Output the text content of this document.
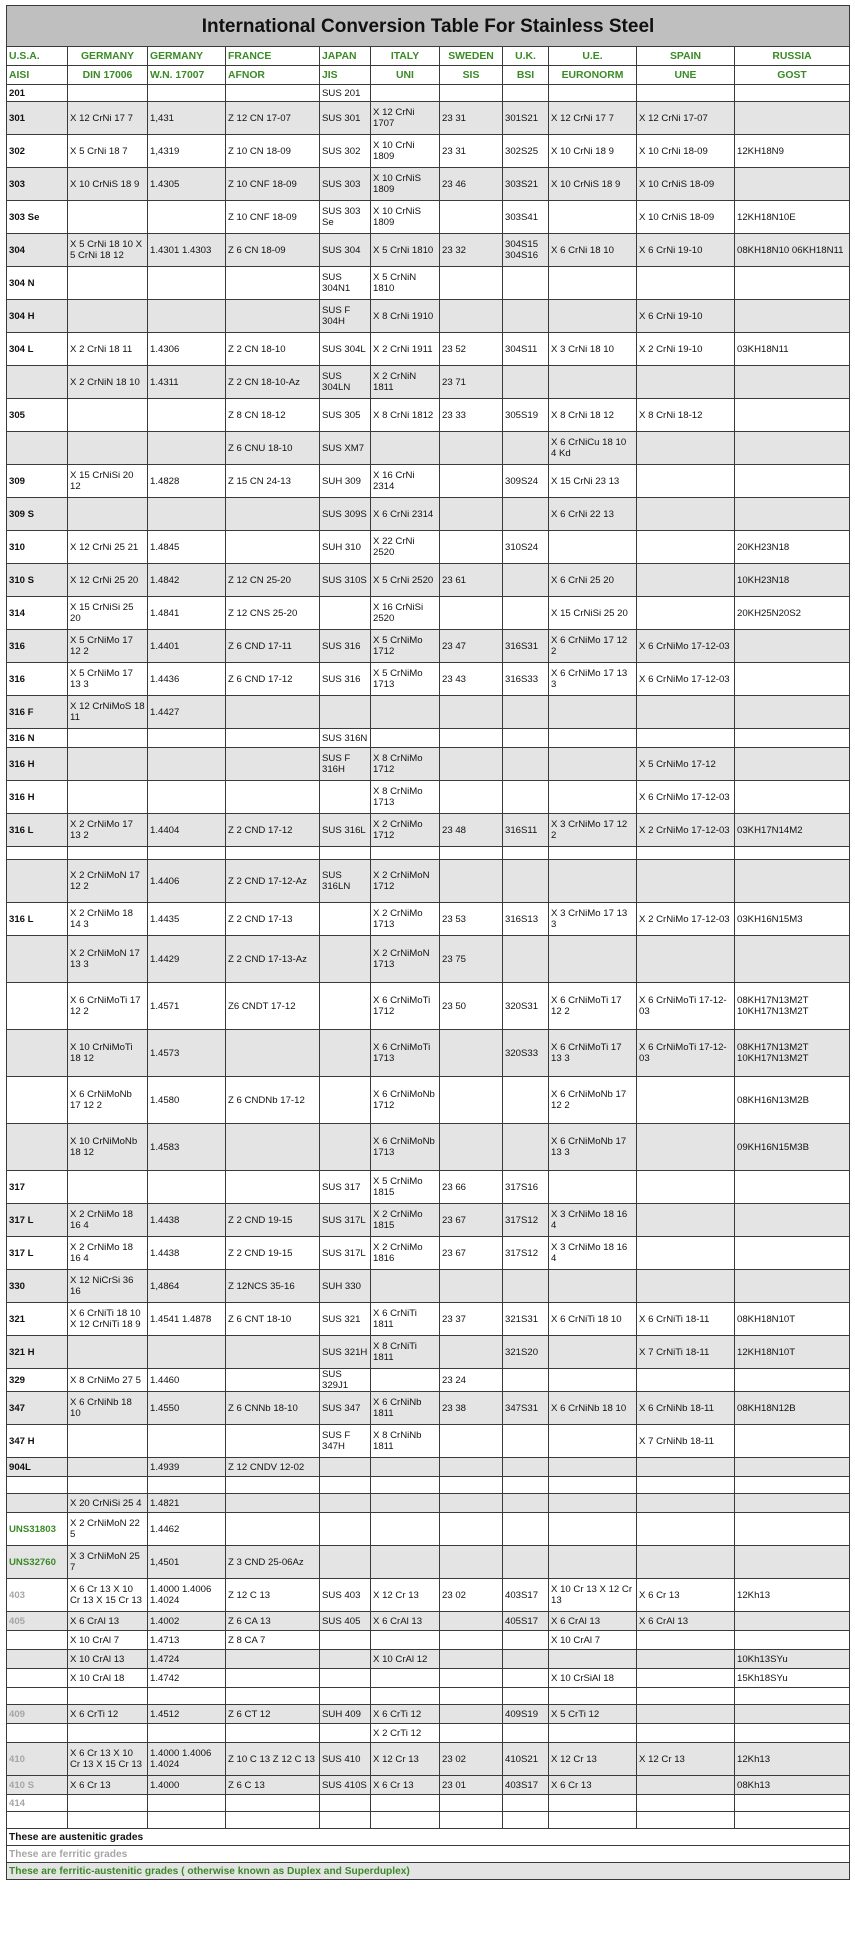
International Conversion Table For Stainless Steel										
U.S.A.	GERMANY	GERMANY	FRANCE	JAPAN	ITALY	SWEDEN	U.K.	U.E.	SPAIN	RUSSIA
AISI	DIN 17006	W.N. 17007	AFNOR	JIS	UNI	SIS	BSI	EURONORM	UNE	GOST
201				SUS 201						
301	X 12 CrNi 17 7	1,431	Z 12 CN 17-07	SUS 301	X 12 CrNi 1707	23 31	301S21	X 12 CrNi 17 7	X 12 CrNi 17-07	
302	X 5 CrNi 18 7	1,4319	Z 10 CN 18-09	SUS 302	X 10 CrNi 1809	23 31	302S25	X 10 CrNi 18 9	X 10 CrNi 18-09	12KH18N9
303	X 10 CrNiS 18 9	1.4305	Z 10 CNF 18-09	SUS 303	X 10 CrNiS 1809	23 46	303S21	X 10 CrNiS 18 9	X 10 CrNiS 18-09	
303 Se			Z 10 CNF 18-09	SUS 303 Se	X 10 CrNiS 1809		303S41		X 10 CrNiS 18-09	12KH18N10E
304	X 5 CrNi 18 10 X 5 CrNi 18 12	1.4301 1.4303	Z 6 CN 18-09	SUS 304	X 5 CrNi 1810	23 32	304S15 304S16	X 6 CrNi 18 10	X 6 CrNi 19-10	08KH18N10 06KH18N11
304 N				SUS 304N1	X 5 CrNiN 1810					
304 H				SUS F 304H	X 8 CrNi 1910				X 6 CrNi 19-10	
304 L	X 2 CrNi 18 11	1.4306	Z 2 CN 18-10	SUS 304L	X 2 CrNi 1911	23 52	304S11	X 3 CrNi 18 10	X 2 CrNi 19-10	03KH18N11
	X 2 CrNiN 18 10	1.4311	Z 2 CN 18-10-Az	SUS 304LN	X 2 CrNiN 1811	23 71				
305			Z 8 CN 18-12	SUS 305	X 8 CrNi 1812	23 33	305S19	X 8 CrNi 18 12	X 8 CrNi 18-12	
			Z 6 CNU 18-10	SUS XM7				X 6 CrNiCu 18 10 4 Kd		
309	X 15 CrNiSi 20 12	1.4828	Z 15 CN 24-13	SUH 309	X 16 CrNi 2314		309S24	X 15 CrNi 23 13		
309 S				SUS 309S	X 6 CrNi 2314			X 6 CrNi 22 13		
310	X 12 CrNi 25 21	1.4845		SUH 310	X 22 CrNi 2520		310S24			20KH23N18
310 S	X 12 CrNi 25 20	1.4842	Z 12 CN 25-20	SUS 310S	X 5 CrNi 2520	23 61		X 6 CrNi 25 20		10KH23N18
314	X 15 CrNiSi 25 20	1.4841	Z 12 CNS 25-20		X 16 CrNiSi 2520			X 15 CrNiSi 25 20		20KH25N20S2
316	X 5 CrNiMo 17 12 2	1.4401	Z 6 CND 17-11	SUS 316	X 5 CrNiMo 1712	23 47	316S31	X 6 CrNiMo 17 12 2	X 6 CrNiMo 17-12-03	
316	X 5 CrNiMo 17 13 3	1.4436	Z 6 CND 17-12	SUS 316	X 5 CrNiMo 1713	23 43	316S33	X 6 CrNiMo 17 13 3	X 6 CrNiMo 17-12-03	
316 F	X 12 CrNiMoS 18 11	1.4427								
316 N				SUS 316N						
316 H				SUS F 316H	X 8 CrNiMo 1712				X 5 CrNiMo 17-12	
316 H					X 8 CrNiMo 1713				X 6 CrNiMo 17-12-03	
316 L	X 2 CrNiMo 17 13 2	1.4404	Z 2 CND 17-12	SUS 316L	X 2 CrNiMo 1712	23 48	316S11	X 3 CrNiMo 17 12 2	X 2 CrNiMo 17-12-03	03KH17N14M2

	X 2 CrNiMoN 17 12 2	1.4406	Z 2 CND 17-12-Az	SUS 316LN	X 2 CrNiMoN 1712					
316 L	X 2 CrNiMo 18 14 3	1.4435	Z 2 CND 17-13		X 2 CrNiMo 1713	23 53	316S13	X 3 CrNiMo 17 13 3	X 2 CrNiMo 17-12-03	03KH16N15M3
	X 2 CrNiMoN 17 13 3	1.4429	Z 2 CND 17-13-Az		X 2 CrNiMoN 1713	23 75				
	X 6 CrNiMoTi 17 12 2	1.4571	Z6 CNDT 17-12		X 6 CrNiMoTi 1712	23 50	320S31	X 6 CrNiMoTi 17 12 2	X 6 CrNiMoTi 17-12-03	08KH17N13M2T 10KH17N13M2T
	X 10 CrNiMoTi 18 12	1.4573			X 6 CrNiMoTi 1713		320S33	X 6 CrNiMoTi 17 13 3	X 6 CrNiMoTi 17-12-03	08KH17N13M2T 10KH17N13M2T
	X 6 CrNiMoNb 17 12 2	1.4580	Z 6 CNDNb 17-12		X 6 CrNiMoNb 1712			X 6 CrNiMoNb 17 12 2		08KH16N13M2B
	X 10 CrNiMoNb 18 12	1.4583			X 6 CrNiMoNb 1713			X 6 CrNiMoNb 17 13 3		09KH16N15M3B
317				SUS 317	X 5 CrNiMo 1815	23 66	317S16			
317 L	X 2 CrNiMo 18 16 4	1.4438	Z 2 CND 19-15	SUS 317L	X 2 CrNiMo 1815	23 67	317S12	X 3 CrNiMo 18 16 4		
317 L	X 2 CrNiMo 18 16 4	1.4438	Z 2 CND 19-15	SUS 317L	X 2 CrNiMo 1816	23 67	317S12	X 3 CrNiMo 18 16 4		
330	X 12 NiCrSi 36 16	1,4864	Z 12NCS 35-16	SUH 330						
321	X 6 CrNiTi 18 10 X 12 CrNiTi 18 9	1.4541 1.4878	Z 6 CNT 18-10	SUS 321	X 6 CrNiTi 1811	23 37	321S31	X 6 CrNiTi 18 10	X 6 CrNiTi 18-11	08KH18N10T
321 H				SUS 321H	X 8 CrNiTi 1811		321S20		X 7 CrNiTi 18-11	12KH18N10T
329	X 8 CrNiMo 27 5	1.4460		SUS 329J1		23 24				
347	X 6 CrNiNb 18 10	1.4550	Z 6 CNNb 18-10	SUS 347	X 6 CrNiNb 1811	23 38	347S31	X 6 CrNiNb 18 10	X 6 CrNiNb 18-11	08KH18N12B
347 H				SUS F 347H	X 8 CrNiNb 1811				X 7 CrNiNb 18-11	
904L		1.4939	Z 12 CNDV 12-02							

	X 20 CrNiSi 25 4	1.4821								
UNS31803	X 2 CrNiMoN 22 5	1.4462								
UNS32760	X 3 CrNiMoN 25 7	1,4501	Z 3 CND 25-06Az							
403	X 6 Cr 13 X 10 Cr 13 X 15 Cr 13	1.4000 1.4006 1.4024	Z 12 C 13	SUS 403	X 12 Cr 13	23 02	403S17	X 10 Cr 13 X 12 Cr 13	X 6 Cr 13	12Kh13
405	X 6 CrAl 13	1.4002	Z 6 CA 13	SUS 405	X 6 CrAl 13		405S17	X 6 CrAl 13	X 6 CrAl 13	
	X 10 CrAl 7	1.4713	Z 8 CA 7					X 10 CrAl 7		
	X 10 CrAl 13	1.4724			X 10 CrAl 12					10Kh13SYu
	X 10 CrAl 18	1.4742						X 10 CrSiAl 18		15Kh18SYu

409	X 6 CrTi 12	1.4512	Z 6 CT 12	SUH 409	X 6 CrTi 12		409S19	X 5 CrTi 12		
					X 2 CrTi 12					
410	X 6 Cr 13 X 10 Cr 13 X 15 Cr 13	1.4000 1.4006 1.4024	Z 10 C 13 Z 12 C 13	SUS 410	X 12 Cr 13	23 02	410S21	X 12 Cr 13	X 12 Cr 13	12Kh13
410 S	X 6 Cr 13	1.4000	Z 6 C 13	SUS 410S	X 6 Cr 13	23 01	403S17	X 6 Cr 13		08Kh13
414										

These are austenitic grades										
These are ferritic grades										
These are ferritic-austenitic grades ( otherwise known as Duplex and Superduplex)										
